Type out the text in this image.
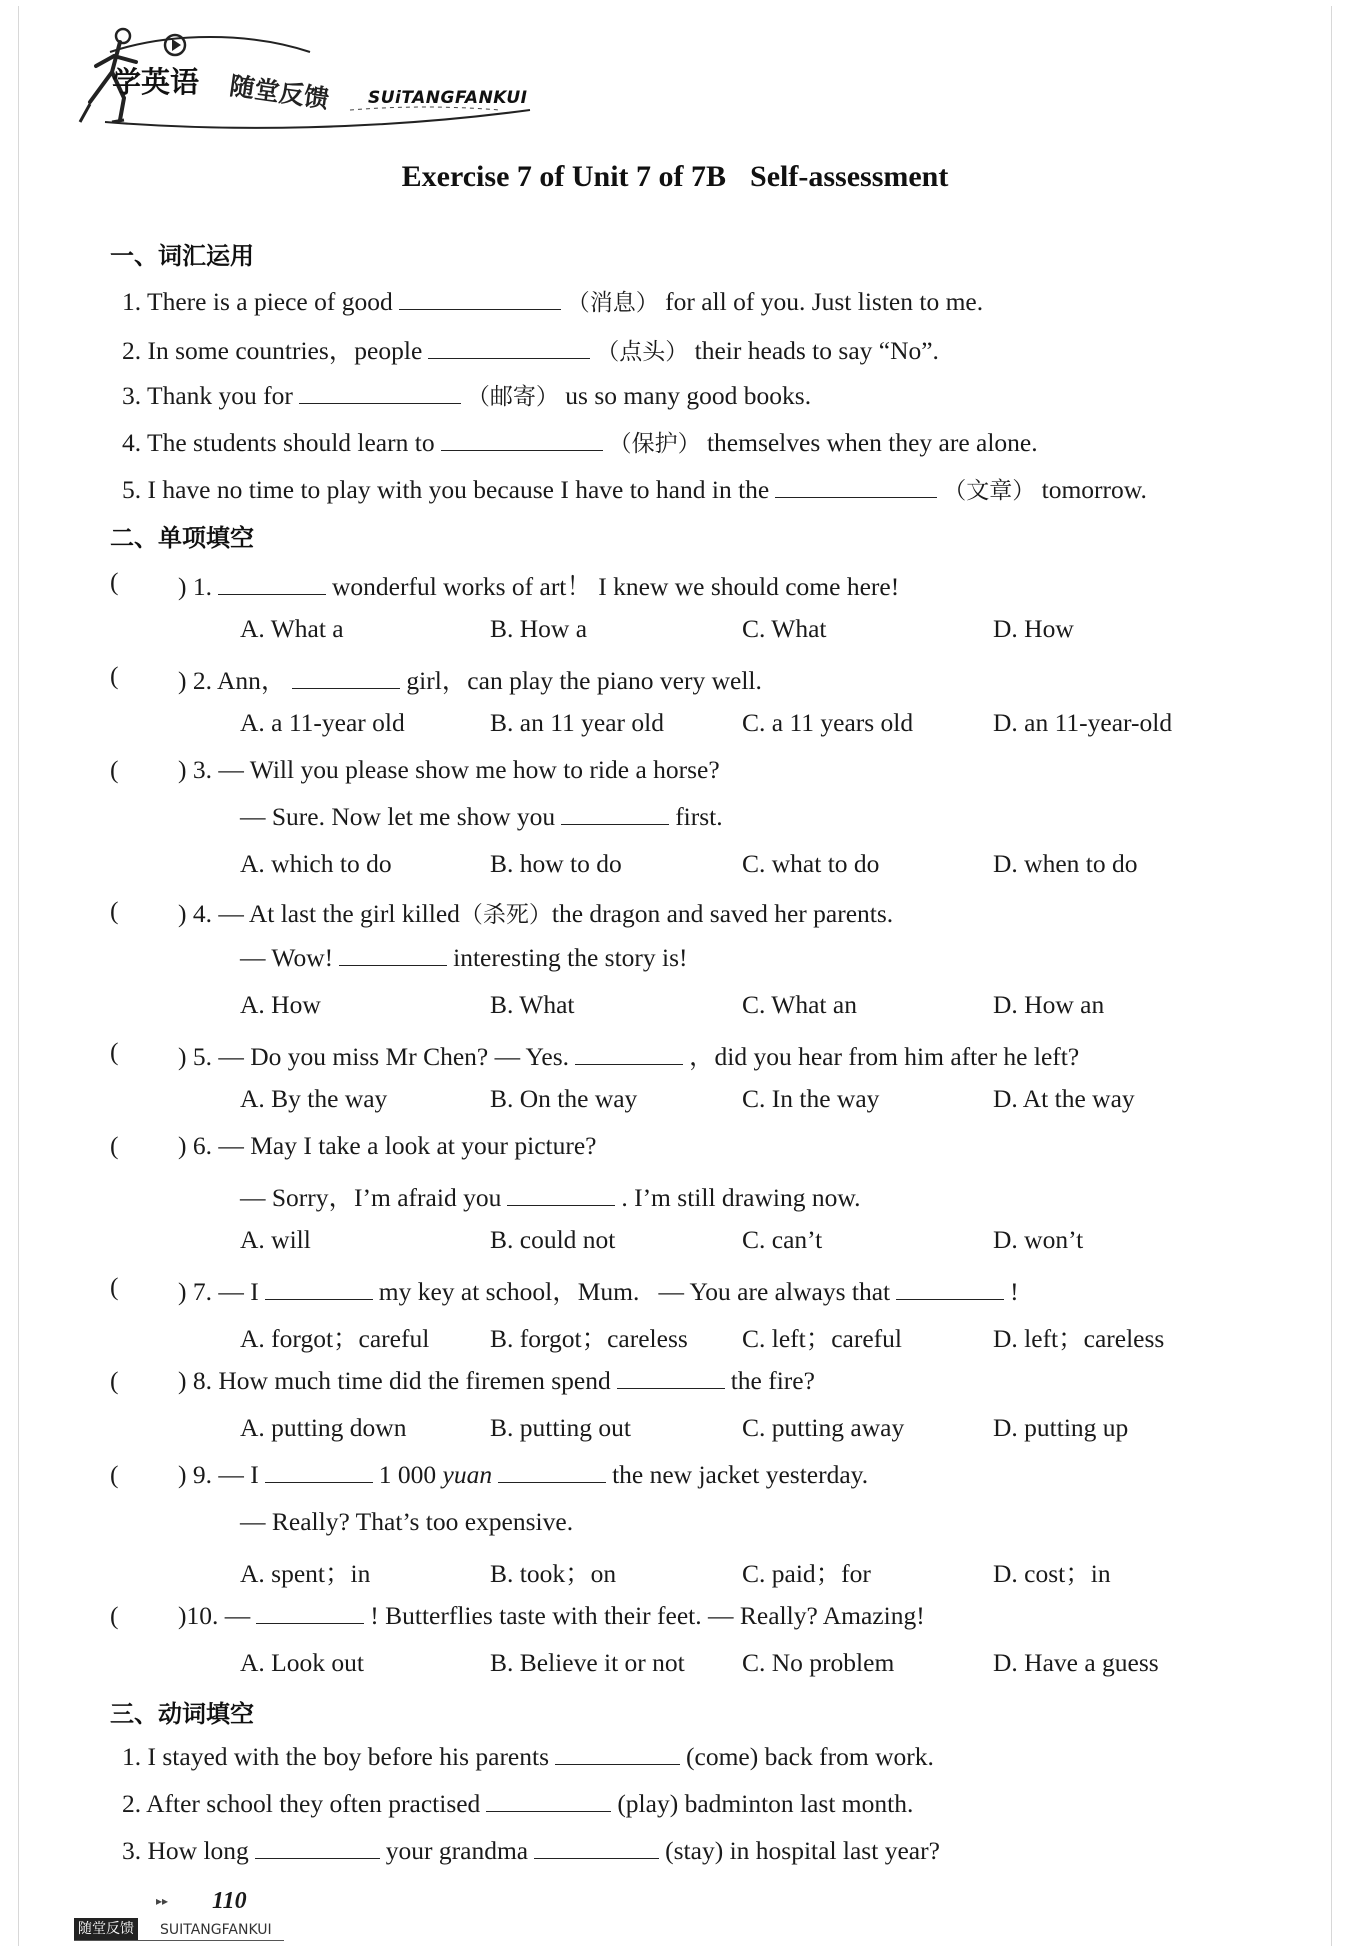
学英语 随堂反馈 SUiTANGFANKUI
Exercise 7 of Unit 7 of 7B Self-assessment
一、词汇运用
1. There is a piece of good	（消息） for all of you. Just listen to me.
2. In some countries，people	（点头） their heads to say “No”.
3. Thank you for	（邮寄） us so many good books.
4. The students should learn to	（保护） themselves when they are alone.
5. I have no time to play with you because I have to hand in the	（文章） tomorrow.
二、单项填空
( ) 1.	wonderful works of art！ I knew we should come here!
A. What a	B. How a	C. What	D. How
( ) 2. Ann，	girl，can play the piano very well.
A. a 11-year old	B. an 11 year old	C. a 11 years old	D. an 11-year-old
( ) 3. — Will you please show me how to ride a horse?
— Sure. Now let me show you	first.
A. which to do	B. how to do	C. what to do	D. when to do
( ) 4. — At last the girl killed（杀死）the dragon and saved her parents.
— Wow!	interesting the story is!
A. How	B. What	C. What an	D. How an
( ) 5. — Do you miss Mr Chen? — Yes.	，did you hear from him after he left?
A. By the way	B. On the way	C. In the way	D. At the way
( ) 6. — May I take a look at your picture?
— Sorry，I’m afraid you	. I’m still drawing now.
A. will	B. could not	C. can’t	D. won’t
( ) 7. — I	my key at school，Mum. — You are always that	!
A. forgot；careful B. forgot；careless C. left；careful	D. left；careless
( ) 8. How much time did the firemen spend	the fire?
A. putting down	B. putting out	C. putting away	D. putting up
( ) 9. — I	1 000 yuan	the new jacket yesterday.
— Really? That’s too expensive.
A. spent；in	B. took；on	C. paid；for	D. cost；in
( )10. —	! Butterflies taste with their feet. — Really? Amazing!
A. Look out	B. Believe it or not C. No problem	D. Have a guess
三、动词填空
1. I stayed with the boy before his parents	(come) back from work.
2. After school they often practised	(play) badminton last month.
3. How long	your grandma	(stay) in hospital last year?
▸▸ 110
随堂反馈 SUITANGFANKUI
